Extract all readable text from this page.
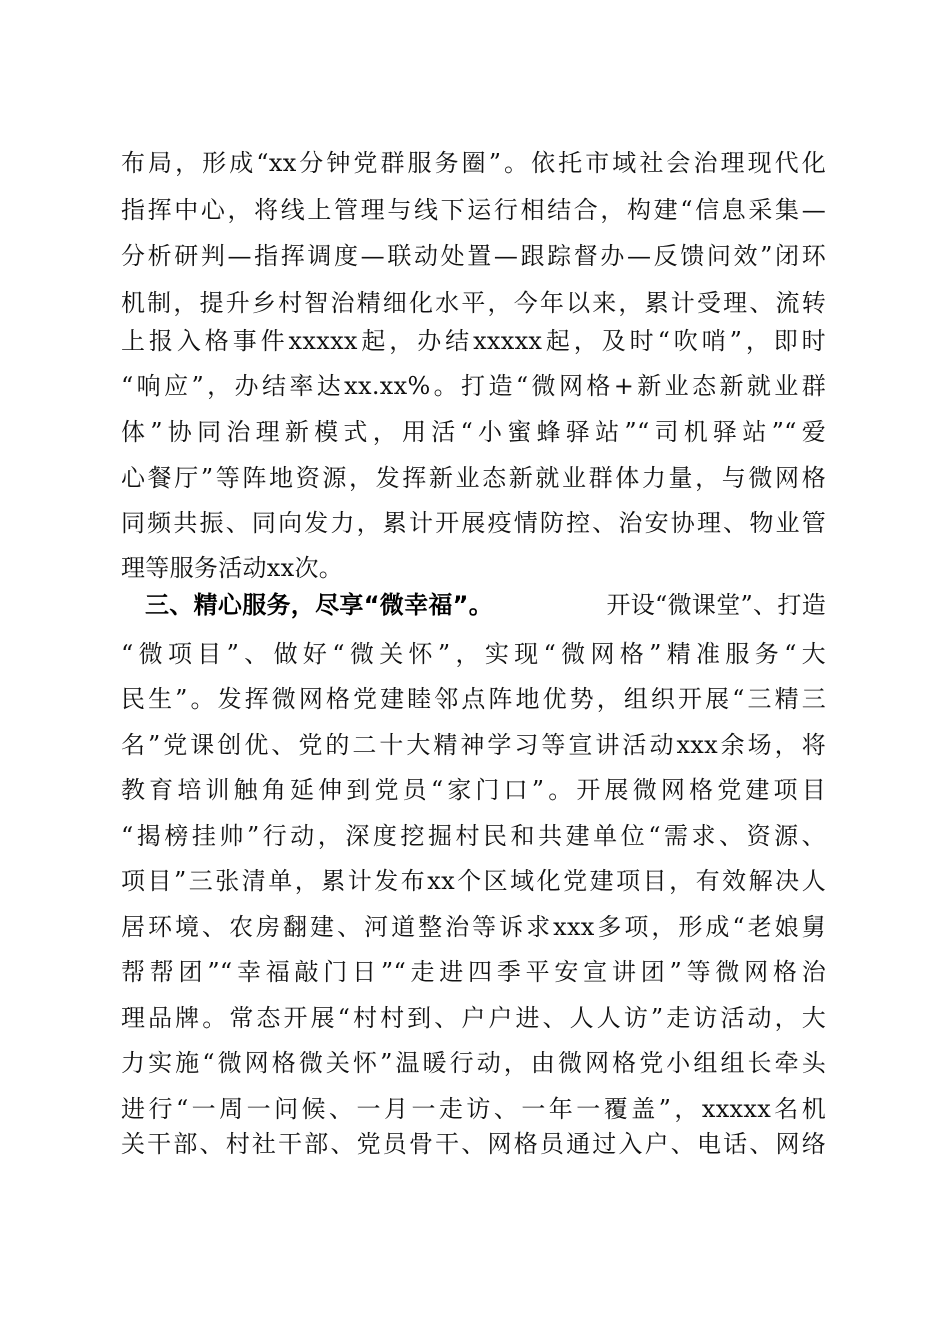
布局，形成“xx分钟党群服务圈”。依托市域社会治理现代化
指挥中心，将线上管理与线下运行相结合，构建“信息采集—
分析研判—指挥调度—联动处置—跟踪督办—反馈问效”闭环
机制，提升乡村智治精细化水平，今年以来，累计受理、流转
上报入格事件xxxxx起，办结xxxxx起，及时“吹哨”，即时
“响应”，办结率达xx.xx%。打造“微网格+新业态新就业群
体”协同治理新模式，用活“小蜜蜂驿站”“司机驿站”“爱
心餐厅”等阵地资源，发挥新业态新就业群体力量，与微网格
同频共振、同向发力，累计开展疫情防控、治安协理、物业管
理等服务活动xx次。
三、精心服务，尽享“微幸福”。	开设“微课堂”、打造
“微项目”、做好“微关怀”，实现“微网格”精准服务“大
民生”。发挥微网格党建睦邻点阵地优势，组织开展“三精三
名”党课创优、党的二十大精神学习等宣讲活动xxx余场，将
教育培训触角延伸到党员“家门口”。开展微网格党建项目
“揭榜挂帅”行动，深度挖掘村民和共建单位“需求、资源、
项目”三张清单，累计发布xx个区域化党建项目，有效解决人
居环境、农房翻建、河道整治等诉求xxx多项，形成“老娘舅
帮帮团”“幸福敲门日”“走进四季平安宣讲团”等微网格治
理品牌。常态开展“村村到、户户进、人人访”走访活动，大
力实施“微网格微关怀”温暖行动，由微网格党小组组长牵头
进行“一周一问候、一月一走访、一年一覆盖”，xxxxx名机
关干部、村社干部、党员骨干、网格员通过入户、电话、网络
